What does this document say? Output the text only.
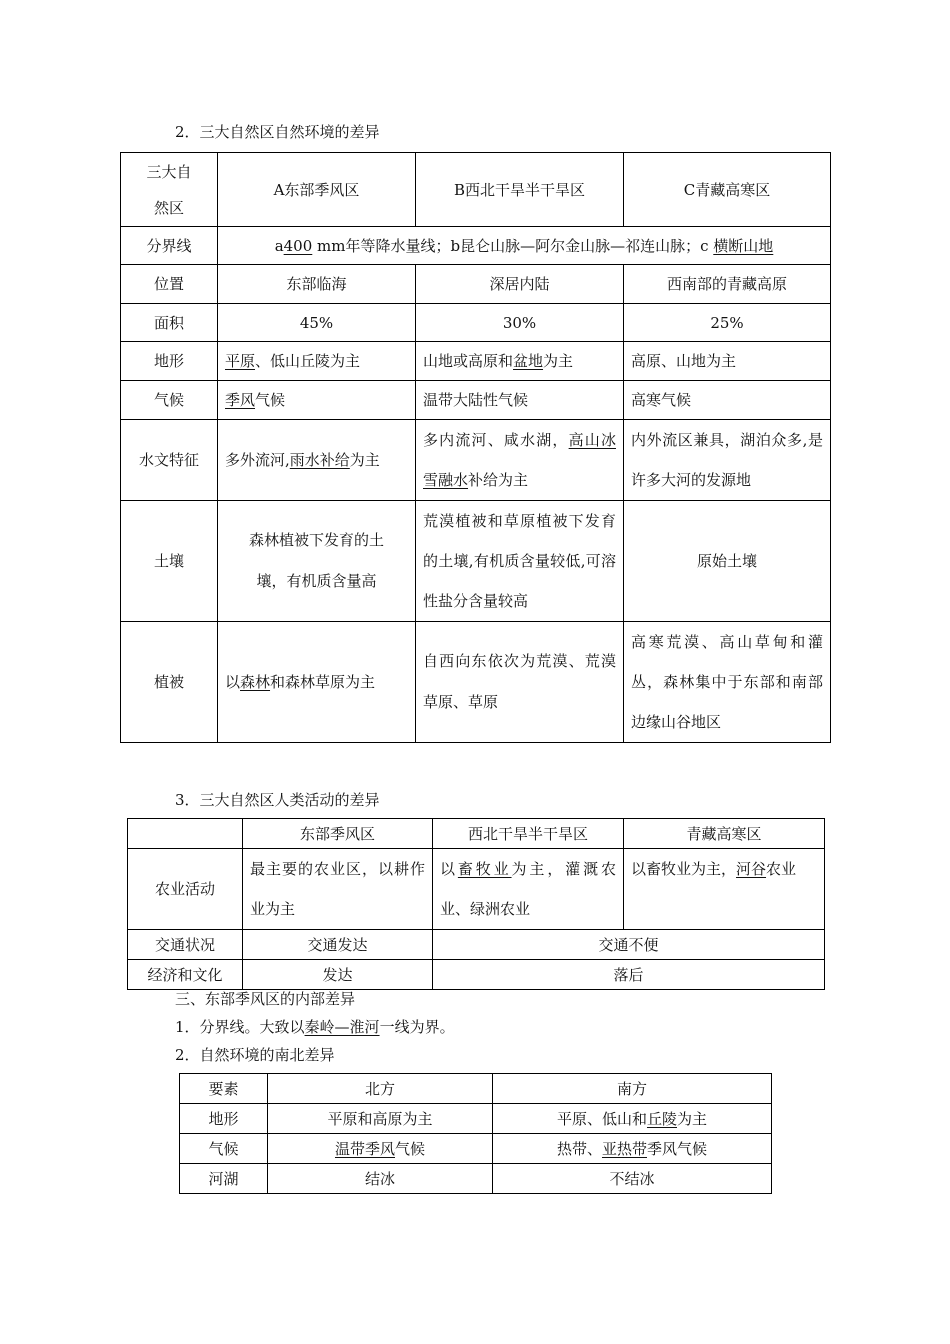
2．三大自然区自然环境的差异
三大自然区	A东部季风区	B西北干旱半干旱区	C青藏高寒区
分界线	a400 mm年等降水量线；b昆仑山脉—阿尔金山脉—祁连山脉；c 横断山地		
位置	东部临海	深居内陆	西南部的青藏高原
面积	45%	30%	25%
地形	平原、低山丘陵为主	山地或高原和盆地为主	高原、山地为主
气候	季风气候	温带大陆性气候	高寒气候
水文特征	多外流河,雨水补给为主	多内流河、咸水湖，高山冰雪融水补给为主	内外流区兼具，湖泊众多,是许多大河的发源地
土壤	森林植被下发育的土壤，有机质含量高	荒漠植被和草原植被下发育的土壤,有机质含量较低,可溶性盐分含量较高	原始土壤
植被	以森林和森林草原为主	自西向东依次为荒漠、荒漠草原、草原	高寒荒漠、高山草甸和灌丛，森林集中于东部和南部边缘山谷地区
3．三大自然区人类活动的差异
	东部季风区	西北干旱半干旱区	青藏高寒区
农业活动	最主要的农业区，以耕作业为主	以畜牧业为主，灌溉农业、绿洲农业	以畜牧业为主，河谷农业
交通状况	交通发达	交通不便	
经济和文化	发达	落后	
三、东部季风区的内部差异
1．分界线。大致以秦岭—淮河一线为界。
2．自然环境的南北差异
要素	北方	南方
地形	平原和高原为主	平原、低山和丘陵为主
气候	温带季风气候	热带、亚热带季风气候
河湖	结冰	不结冰
